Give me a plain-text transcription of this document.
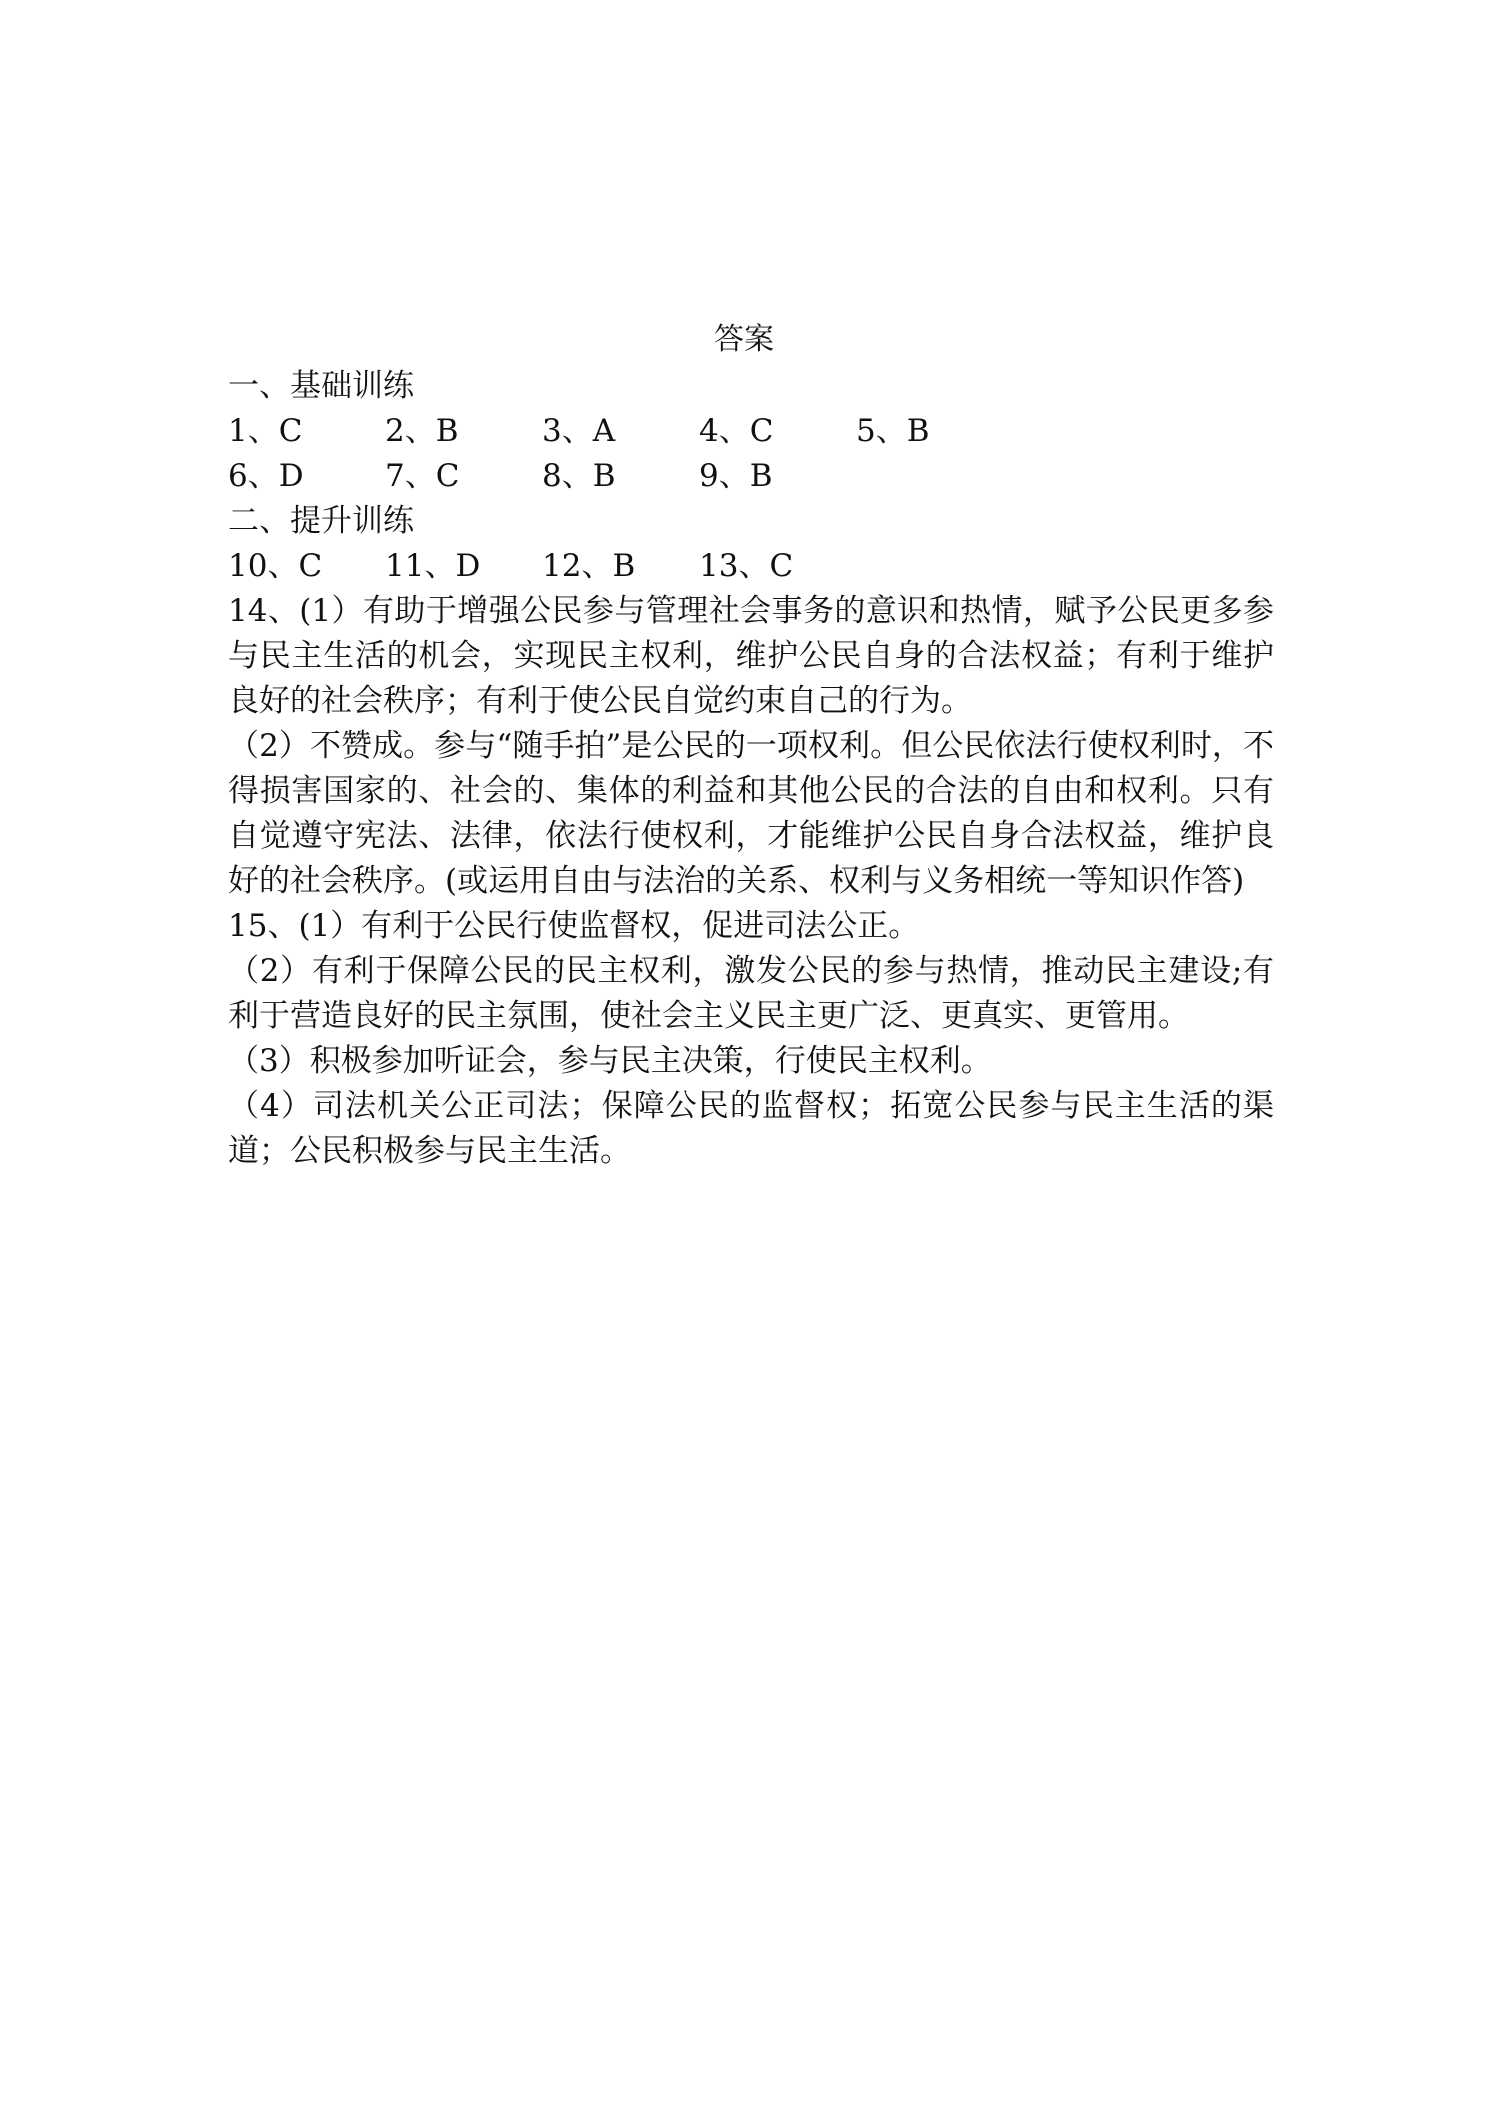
答案
一、基础训练
1、C	2、B	3、A	4、C	5、B
6、D	7、C	8、B	9、B
二、提升训练
10、C	11、D	12、B	13、C
14、(1）有助于增强公民参与管理社会事务的意识和热情，赋予公民更多参与民主生活的机会，实现民主权利，维护公民自身的合法权益；有利于维护良好的社会秩序；有利于使公民自觉约束自己的行为。
（2）不赞成。参与“随手拍”是公民的一项权利。但公民依法行使权利时，不得损害国家的、社会的、集体的利益和其他公民的合法的自由和权利。只有自觉遵守宪法、法律，依法行使权利，才能维护公民自身合法权益，维护良好的社会秩序。(或运用自由与法治的关系、权利与义务相统一等知识作答)
15、(1）有利于公民行使监督权，促进司法公正。
（2）有利于保障公民的民主权利，激发公民的参与热情，推动民主建设;有利于营造良好的民主氛围，使社会主义民主更广泛、更真实、更管用。
（3）积极参加听证会，参与民主决策，行使民主权利。
（4）司法机关公正司法；保障公民的监督权；拓宽公民参与民主生活的渠道；公民积极参与民主生活。
